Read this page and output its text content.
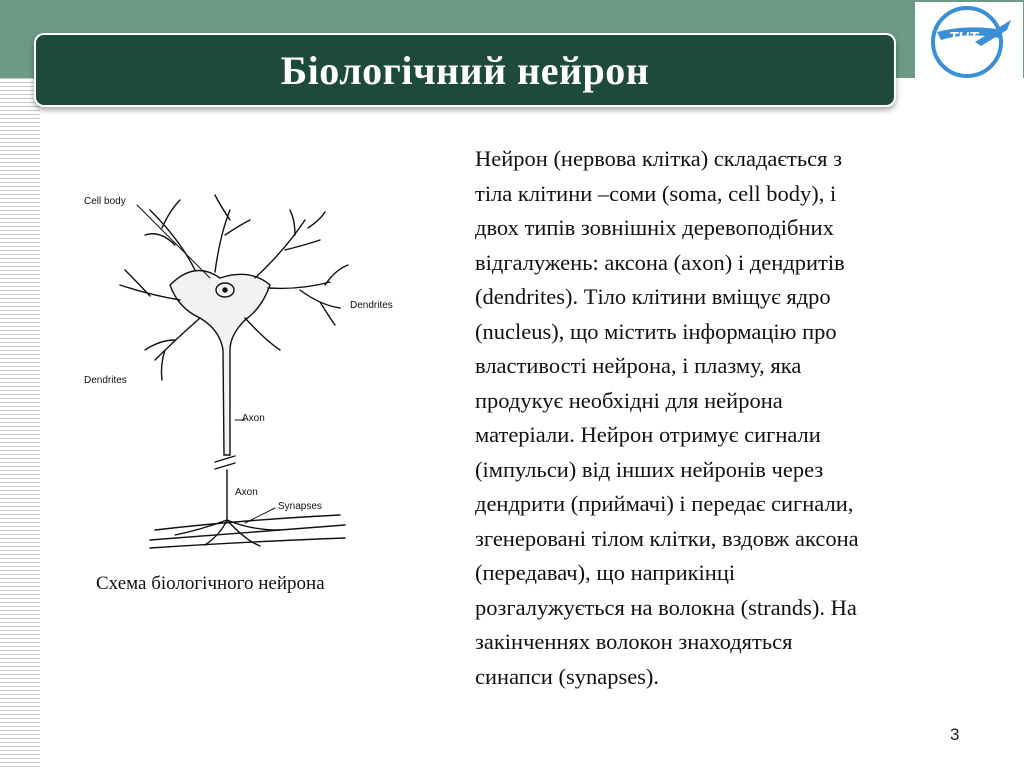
ТНТ
Біологічний нейрон
Cell body
Dendrites
Dendrites
Axon
Axon
Synapses
Схема біологічного нейрона
Нейрон (нервова клітка) складається з
тіла клітини –соми (soma, cell body), і
двох типів зовнішніх деревоподібних
відгалужень: аксона (axon) і дендритів
(dendrites). Тіло клітини вміщує ядро
(nucleus), що містить інформацію про
властивості нейрона, і плазму, яка
продукує необхідні для нейрона
матеріали. Нейрон отримує сигнали
(імпульси) від інших нейронів через
дендрити (приймачі) і передає сигнали,
згенеровані тілом клітки, вздовж аксона
(передавач), що наприкінці
розгалужується на волокна (strands). На
закінченнях волокон знаходяться
синапси (synapses).
3
